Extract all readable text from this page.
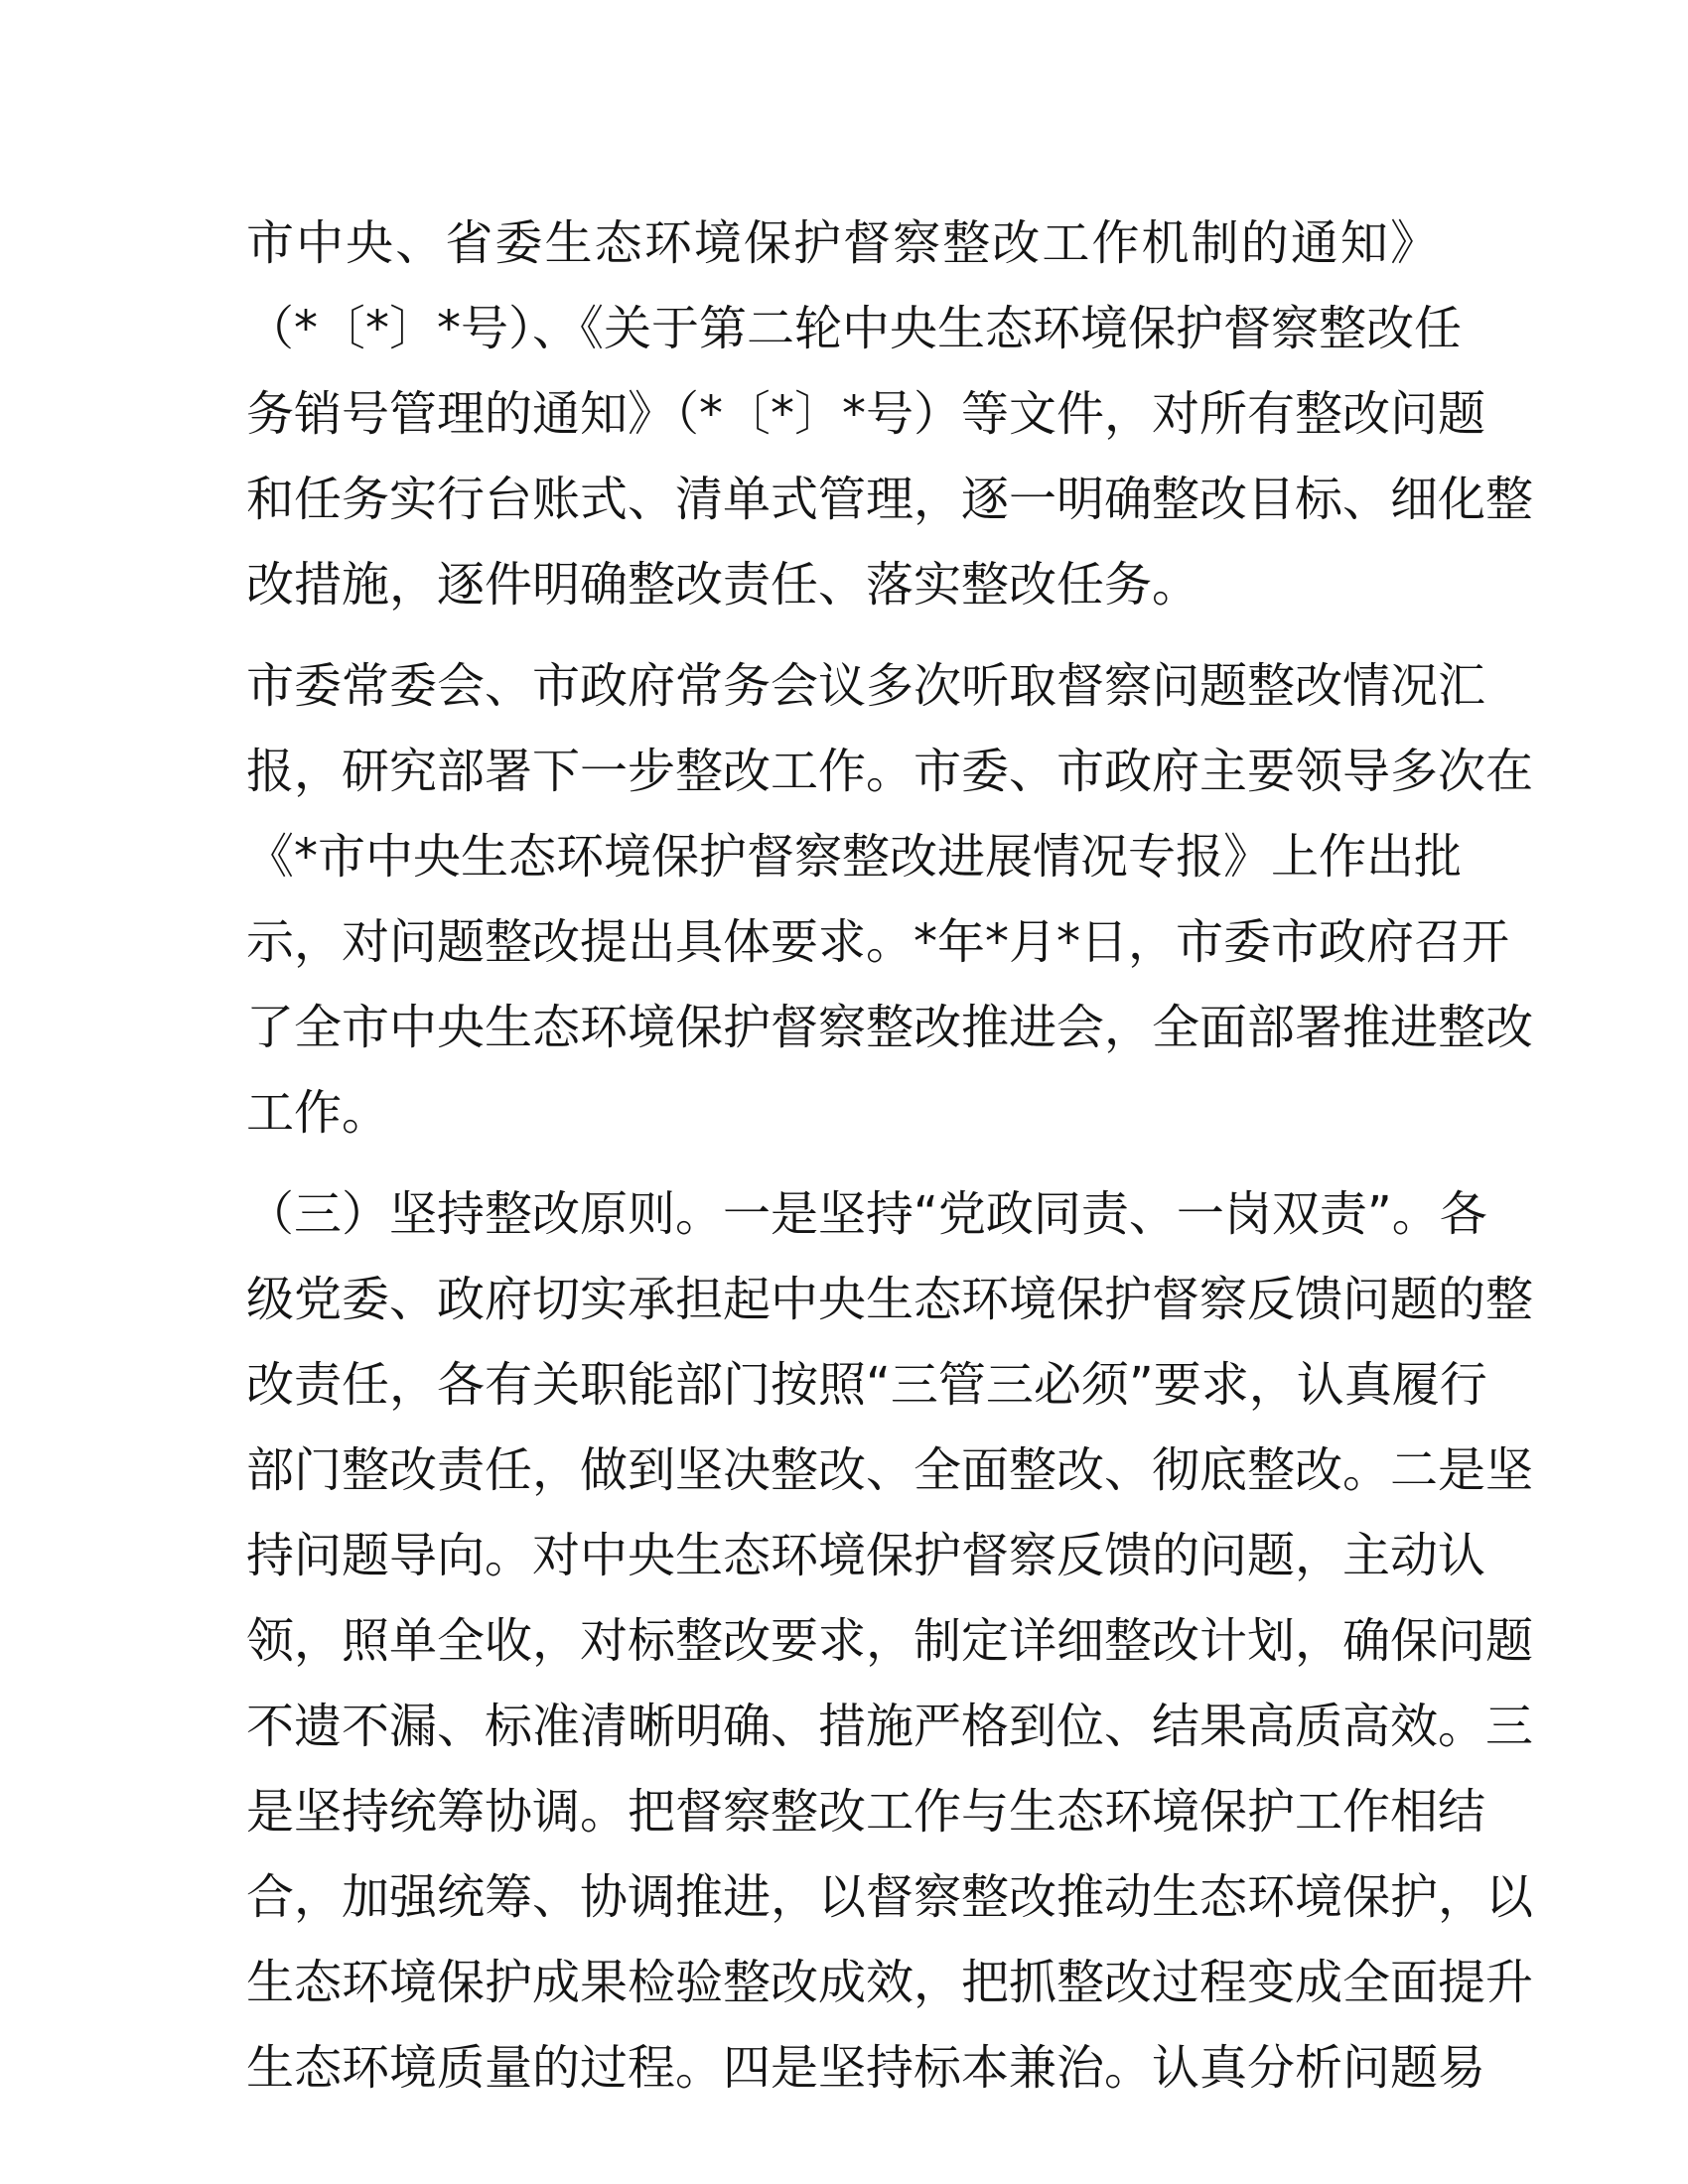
市中央、省委生态环境保护督察整改工作机制的通知》
（*〔*〕*号）、《关于第二轮中央生态环境保护督察整改任
务销号管理的通知》（*〔*〕*号）等文件，对所有整改问题
和任务实行台账式、清单式管理，逐一明确整改目标、细化整
改措施，逐件明确整改责任、落实整改任务。
市委常委会、市政府常务会议多次听取督察问题整改情况汇
报，研究部署下一步整改工作。市委、市政府主要领导多次在
《*市中央生态环境保护督察整改进展情况专报》上作出批
示，对问题整改提出具体要求。*年*月*日，市委市政府召开
了全市中央生态环境保护督察整改推进会，全面部署推进整改
工作。
（三）坚持整改原则。一是坚持“党政同责、一岗双责”。各
级党委、政府切实承担起中央生态环境保护督察反馈问题的整
改责任，各有关职能部门按照“三管三必须”要求，认真履行
部门整改责任，做到坚决整改、全面整改、彻底整改。二是坚
持问题导向。对中央生态环境保护督察反馈的问题，主动认
领，照单全收，对标整改要求，制定详细整改计划，确保问题
不遗不漏、标准清晰明确、措施严格到位、结果高质高效。三
是坚持统筹协调。把督察整改工作与生态环境保护工作相结
合，加强统筹、协调推进，以督察整改推动生态环境保护，以
生态环境保护成果检验整改成效，把抓整改过程变成全面提升
生态环境质量的过程。四是坚持标本兼治。认真分析问题易
